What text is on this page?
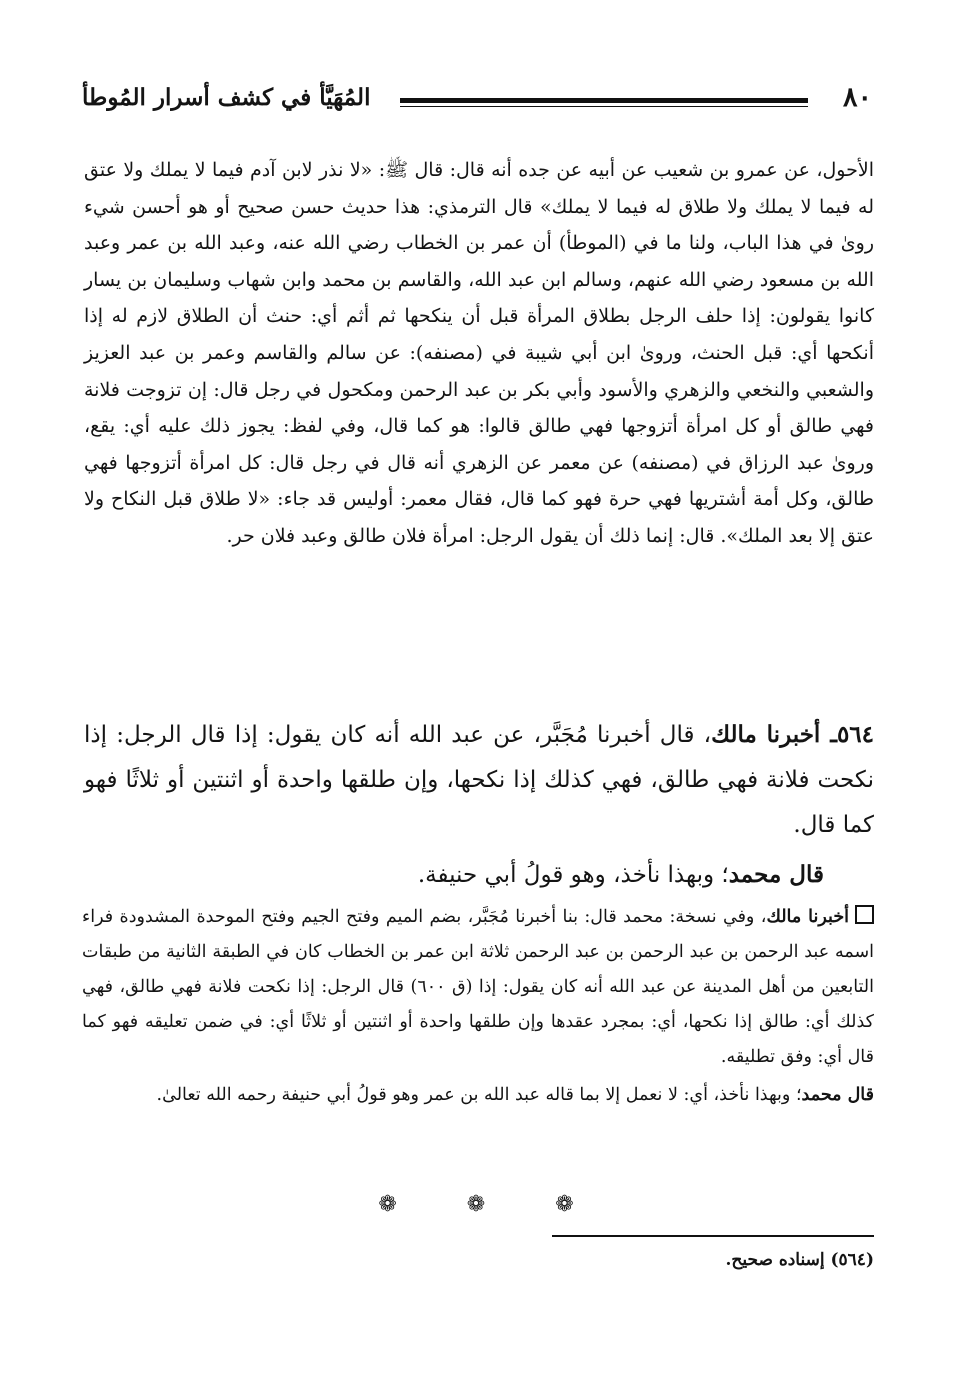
٨٠
المُهَيَّأ في كشف أسرار المُوطأ
الأحول، عن عمرو بن شعيب عن أبيه عن جده أنه قال: قال ﷺ: «لا نذر لابن آدم فيما لا يملك ولا عتق له فيما لا يملك ولا طلاق له فيما لا يملك» قال الترمذي: هذا حديث حسن صحيح أو هو أحسن شيء روىٰ في هذا الباب، ولنا ما في (الموطأ) أن عمر بن الخطاب رضي الله عنه، وعبد الله بن عمر وعبد الله بن مسعود رضي الله عنهم، وسالم ابن عبد الله، والقاسم بن محمد وابن شهاب وسليمان بن يسار كانوا يقولون: إذا حلف الرجل بطلاق المرأة قبل أن ينكحها ثم أثم أي: حنث أن الطلاق لازم له إذا أنكحها أي: قبل الحنث، وروىٰ ابن أبي شيبة في (مصنفه): عن سالم والقاسم وعمر بن عبد العزيز والشعبي والنخعي والزهري والأسود وأبي بكر بن عبد الرحمن ومكحول في رجل قال: إن تزوجت فلانة فهي طالق أو كل امرأة أتزوجها فهي طالق قالوا: هو كما قال، وفي لفظ: يجوز ذلك عليه أي: يقع، وروىٰ عبد الرزاق في (مصنفه) عن معمر عن الزهري أنه قال في رجل قال: كل امرأة أتزوجها فهي طالق، وكل أمة أشتريها فهي حرة فهو كما قال، فقال معمر: أوليس قد جاء: «لا طلاق قبل النكاح ولا عتق إلا بعد الملك». قال: إنما ذلك أن يقول الرجل: امرأة فلان طالق وعبد فلان حر.

٥٦٤ـ أخبرنا مالك، قال أخبرنا مُجَبَّر، عن عبد الله أنه كان يقول: إذا قال الرجل: إذا نكحت فلانة فهي طالق، فهي كذلك إذا نكحها، وإن طلقها واحدة أو اثنتين أو ثلاثًا فهو كما قال.

قال محمد؛ وبهذا نأخذ، وهو قولُ أبي حنيفة.

أخبرنا مالك، وفي نسخة: محمد قال: بنا أخبرنا مُجَبَّر، بضم الميم وفتح الجيم وفتح الموحدة المشدودة فراء اسمه عبد الرحمن بن عبد الرحمن بن عبد الرحمن ثلاثة ابن عمر بن الخطاب كان في الطبقة الثانية من طبقات التابعين من أهل المدينة عن عبد الله أنه كان يقول: إذا (ق ٦٠٠) قال الرجل: إذا نكحت فلانة فهي طالق، فهي كذلك أي: طالق إذا نكحها، أي: بمجرد عقدها وإن طلقها واحدة أو اثنتين أو ثلاثًا أي: في ضمن تعليقه فهو كما قال أي: وفق تطليقه.

قال محمد؛ وبهذا نأخذ، أي: لا نعمل إلا بما قاله عبد الله بن عمر وهو قولُ أبي حنيفة رحمه الله تعالىٰ.

❁❁❁
(٥٦٤) إسناده صحيح.
